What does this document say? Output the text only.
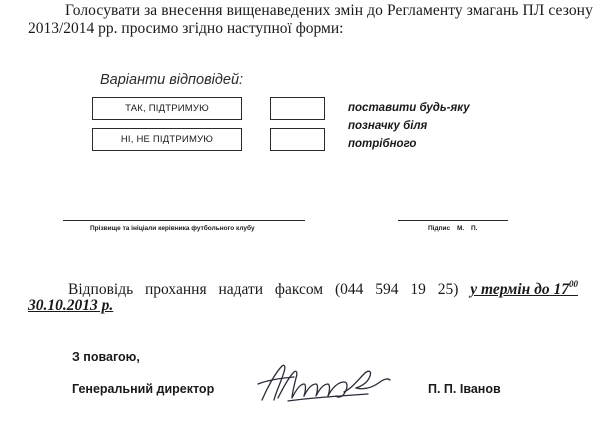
Голосувати за внесення вищенаведених змін до Регламенту змагань ПЛ сезону
2013/2014 рр. просимо згідно наступної форми:
Варіанти відповідей:
ТАК, ПІДТРИМУЮ
НІ, НЕ ПІДТРИМУЮ
поставити будь-яку
позначку біля
потрібного
Прізвище та ініціали керівника футбольного клубу	Підпис М. П.
Відповідь прохання надати факсом (044 594 19 25) у термін до $17^{00}$
30.10.2013 р.
З повагою,
Генеральний директор	П. П. Іванов
